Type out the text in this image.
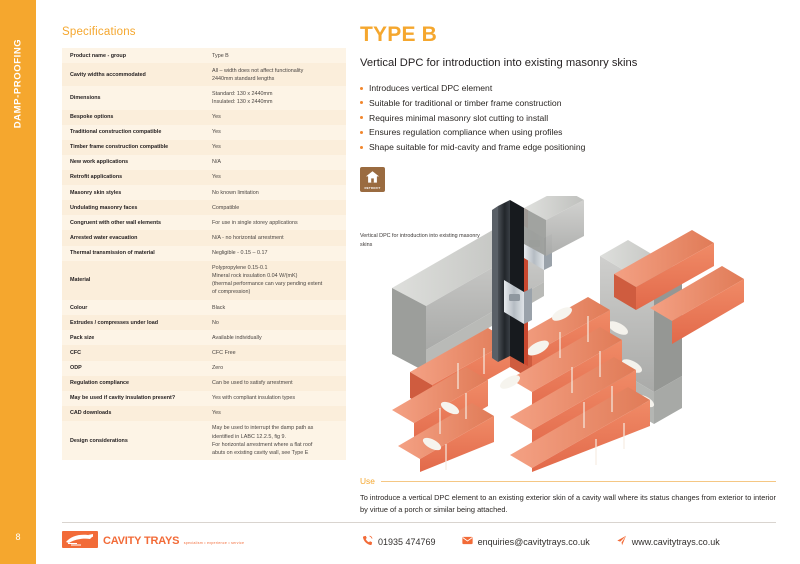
DAMP-PROOFING
8
Specifications
Product name - group	Type B

Cavity widths accommodated	All – width does not affect functionality
2440mm standard lengths

Dimensions	Standard: 130 x 2440mm
Insulated: 130 x 2440mm

Bespoke options	Yes

Traditional construction compatible	Yes

Timber frame construction compatible	Yes

New work applications	N/A

Retrofit applications	Yes

Masonry skin styles	No known limitation

Undulating masonry faces	Compatible

Congruent with other wall elements	For use in single storey applications

Arrested water evacuation	N/A - no horizontal arrestment

Thermal transmission of material	Negligible - 0.15 – 0.17

Material	Polypropylene 0.15-0.1
Mineral rock insulation 0.04 W/(mK)
(thermal performance can vary pending extent
of compression)

Colour	Black

Extrudes / compresses under load	No

Pack size	Available individually

CFC	CFC Free

ODP	Zero

Regulation compliance	Can be used to satisfy arrestment

May be used if cavity insulation present?	Yes with compliant insulation types

CAD downloads	Yes

Design considerations	May be used to interrupt the damp path as
identified in LABC 12.2.5, fig 9.
For horizontal arrestment where a flat roof
abuts on existing cavity wall, see Type E
TYPE B
Vertical DPC for introduction into existing masonry skins
Introduces vertical DPC element
Suitable for traditional or timber frame construction
Requires minimal masonry slot cutting to install
Ensures regulation compliance when using profiles
Shape suitable for mid-cavity and frame edge positioning
RETROFIT
Vertical DPC for introduction into existing masonry skins
Use

To introduce a vertical DPC element to an existing exterior skin of a cavity wall where its status changes from exterior to interior by virtue of a porch or similar being attached.

CAVITY TRAYS specialism • experience • service	01935 474769	enquiries@cavitytrays.co.uk	www.cavitytrays.co.uk
